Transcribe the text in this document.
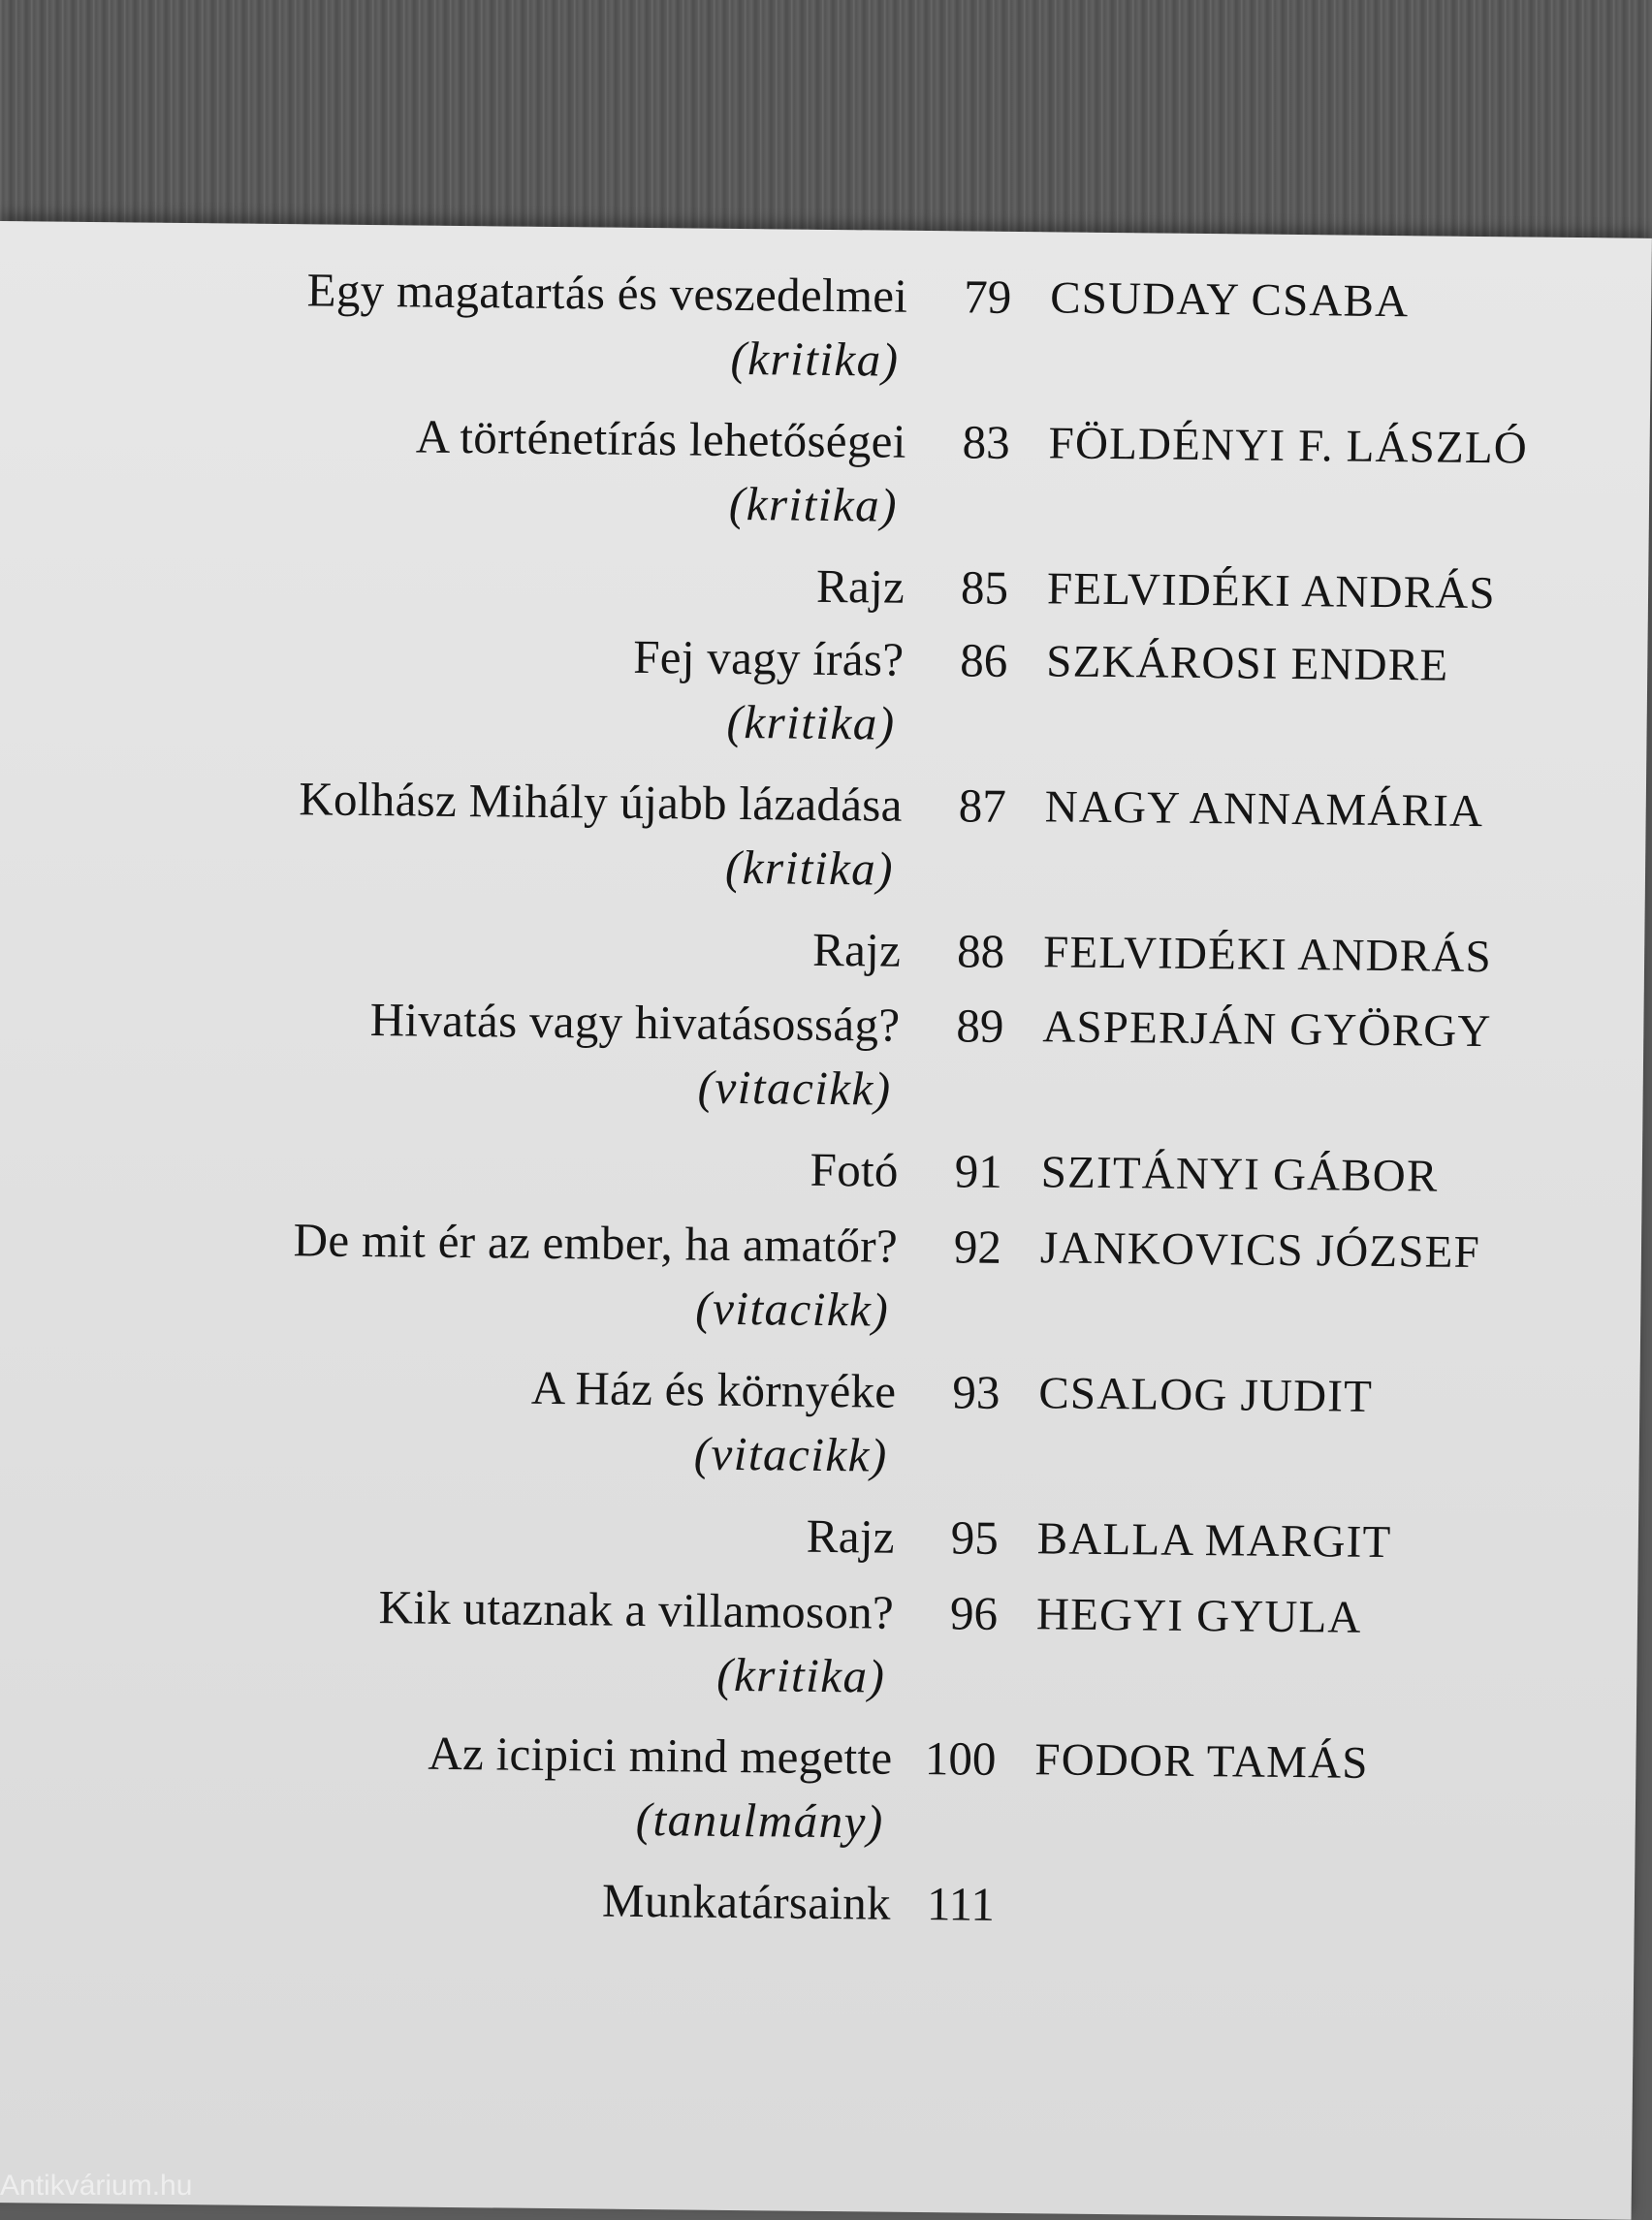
Egy magatartás és veszedelmei
(kritika)
79 CSUDAY CSABA
A történetírás lehetőségei
(kritika)
83 FÖLDÉNYI F. LÁSZLÓ
Rajz 85 FELVIDÉKI ANDRÁS
Fej vagy írás?
(kritika)
86 SZKÁROSI ENDRE
Kolhász Mihály újabb lázadása
(kritika)
87 NAGY ANNAMÁRIA
Rajz 88 FELVIDÉKI ANDRÁS
Hivatás vagy hivatásosság?
(vitacikk)
89 ASPERJÁN GYÖRGY
Fotó 91 SZITÁNYI GÁBOR
De mit ér az ember, ha amatőr?
(vitacikk)
92 JANKOVICS JÓZSEF
A Ház és környéke
(vitacikk)
93 CSALOG JUDIT
Rajz 95 BALLA MARGIT
Kik utaznak a villamoson?
(kritika)
96 HEGYI GYULA
Az icipici mind megette
(tanulmány)
100 FODOR TAMÁS
Munkatársaink 111
Antikvárium.hu
